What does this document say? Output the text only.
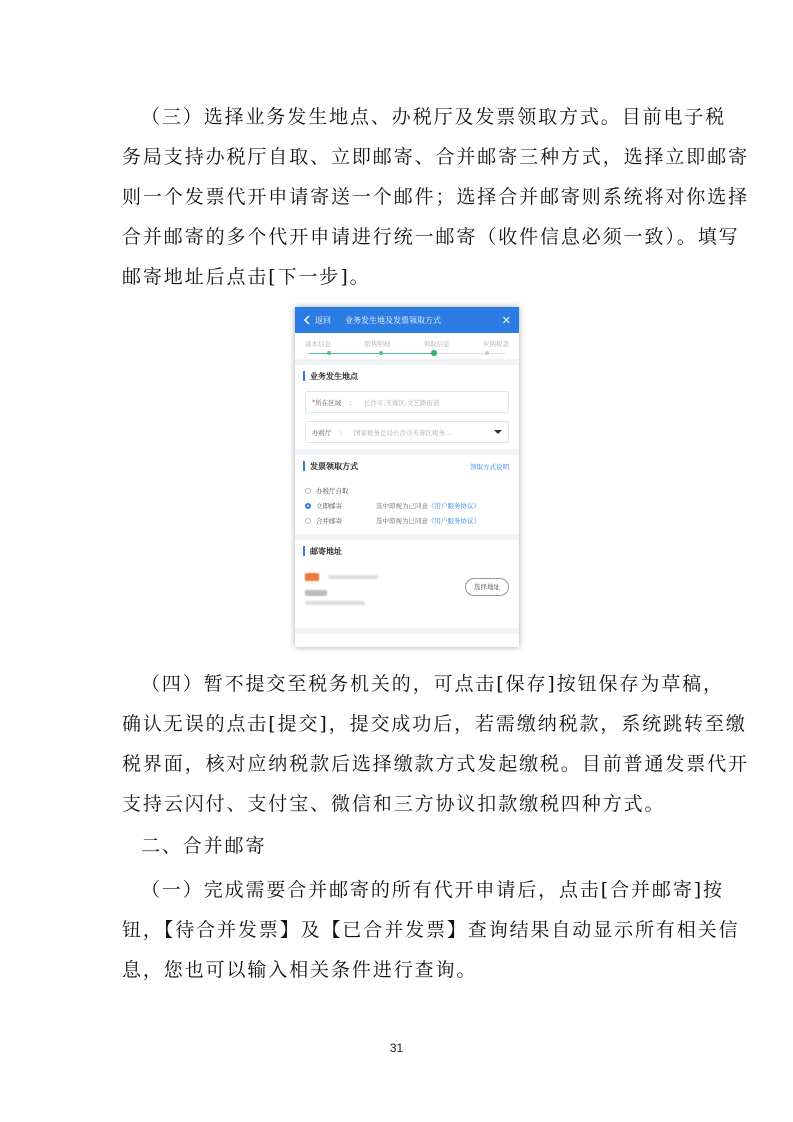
（三）选择业务发生地点、办税厅及发票领取方式。目前电子税
务局支持办税厅自取、立即邮寄、合并邮寄三种方式，选择立即邮寄
则一个发票代开申请寄送一个邮件；选择合并邮寄则系统将对你选择
合并邮寄的多个代开申请进行统一邮寄（收件信息必须一致）。填写
邮寄地址后点击[下一步]。
返回 业务发生地及发票领取方式	✕
基本信息	销售明细	领取信息	应纳税款
业务发生地点
* 所在区域 ： 长沙市,芙蓉区,文艺路街道
办税厅 ： 国家税务总局长沙市芙蓉区税务...
发票领取方式	领取方式说明
办税厅自取
立即邮寄	选中即视为已同意《用户服务协议》
合并邮寄	选中即视为已同意《用户服务协议》
邮寄地址

选择地址
（四）暂不提交至税务机关的，可点击[保存]按钮保存为草稿，
确认无误的点击[提交]，提交成功后，若需缴纳税款，系统跳转至缴
税界面，核对应纳税款后选择缴款方式发起缴税。目前普通发票代开
支持云闪付、支付宝、微信和三方协议扣款缴税四种方式。
二、合并邮寄
（一）完成需要合并邮寄的所有代开申请后，点击[合并邮寄]按
钮，【待合并发票】及【已合并发票】查询结果自动显示所有相关信
息，您也可以输入相关条件进行查询。
31
